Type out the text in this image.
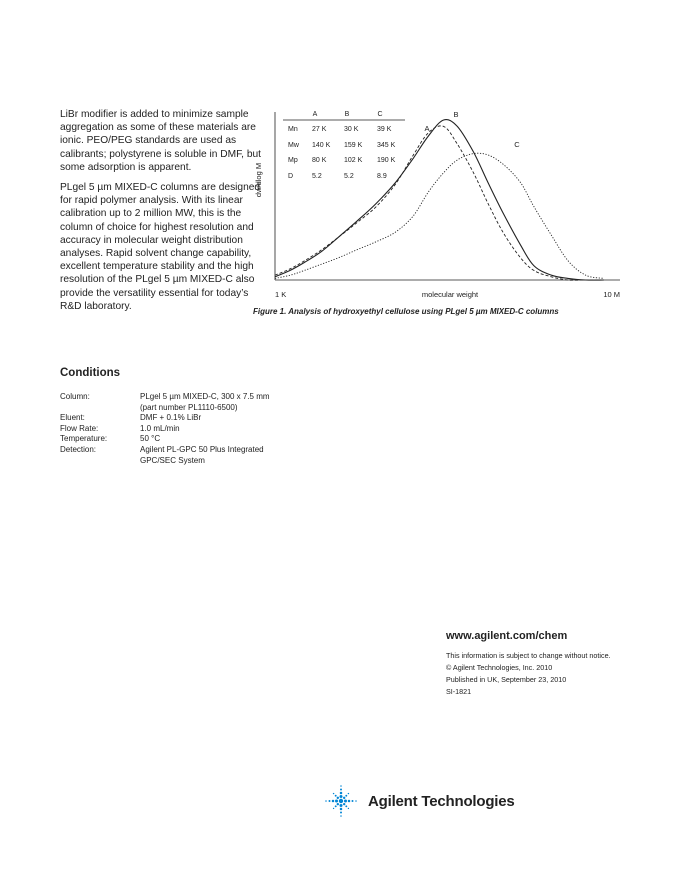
LiBr modifier is added to minimize sample aggregation as some of these materials are ionic. PEO/PEG standards are used as calibrants; polystyrene is soluble in DMF, but some adsorption is apparent.

PLgel 5 µm MIXED-C columns are designed for rapid polymer analysis. With its linear calibration up to 2 million MW, this is the column of choice for highest resolution and accuracy in molecular weight distribution analyses. Rapid solvent change capability, excellent temperature stability and the high resolution of the PLgel 5 µm MIXED-C also provide the versatility essential for today’s R&D laboratory.

Conditions
Column:	PLgel 5 µm MIXED-C, 300 x 7.5 mm (part number PL1110-6500)
Eluent:	DMF + 0.1% LiBr
Flow Rate:	1.0 mL/min
Temperature:	50 °C
Detection:	Agilent PL-GPC 50 Plus Integrated GPC/SEC System
dw/dlog M
molecular weight
1 K	10 M
A	B	C
Mn 27 K	30 K	39 K
Mw 140 K 159 K 345 K
Mp 80 K	102 K 190 K
D	5.2	5.2	8.9
A
B
C
Figure 1. Analysis of hydroxyethyl cellulose using PLgel 5 µm MIXED-C columns
www.agilent.com/chem
This information is subject to change without notice.
© Agilent Technologies, Inc. 2010
Published in UK, September 23, 2010
SI-1821
Agilent Technologies
